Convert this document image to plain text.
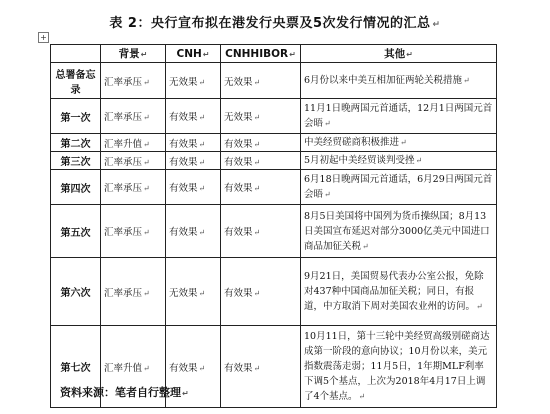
表 2：央行宣布拟在港发行央票及5次发行情况的汇总 ↵
+
	背景↵	CNH↵	CNHHIBOR↵	其他↵
总署备忘录	汇率承压↵	无效果↵	无效果↵	6月份以来中美互相加征两轮关税措施↵
第一次	汇率承压↵	有效果↵	无效果↵	11月1日晚两国元首通话，12月1日两国元首会晤↵
第二次	汇率升值↵	有效果↵	有效果↵	中美经贸磋商积极推进↵
第三次	汇率承压↵	有效果↵	有效果↵	5月初起中美经贸谈判受挫↵
第四次	汇率承压↵	有效果↵	有效果↵	6月18日晚两国元首通话，6月29日两国元首会晤↵
第五次	汇率承压↵	有效果↵	有效果↵	8月5日美国将中国列为货币操纵国；8月13日美国宣布延迟对部分3000亿美元中国进口商品加征关税↵
第六次	汇率承压↵	无效果↵	有效果↵	9月21日，美国贸易代表办公室公报，免除对437种中国商品加征关税；同日，有报道，中方取消下周对美国农业州的访问。↵
第七次	汇率升值↵	有效果↵	有效果↵	10月11日，第十三轮中美经贸高级别磋商达成第一阶段的意向协议；10月份以来，美元指数震荡走弱；11月5日，1年期MLF利率下调5个基点，上次为2018年4月17日上调了4个基点。↵
资料来源：笔者自行整理↵
